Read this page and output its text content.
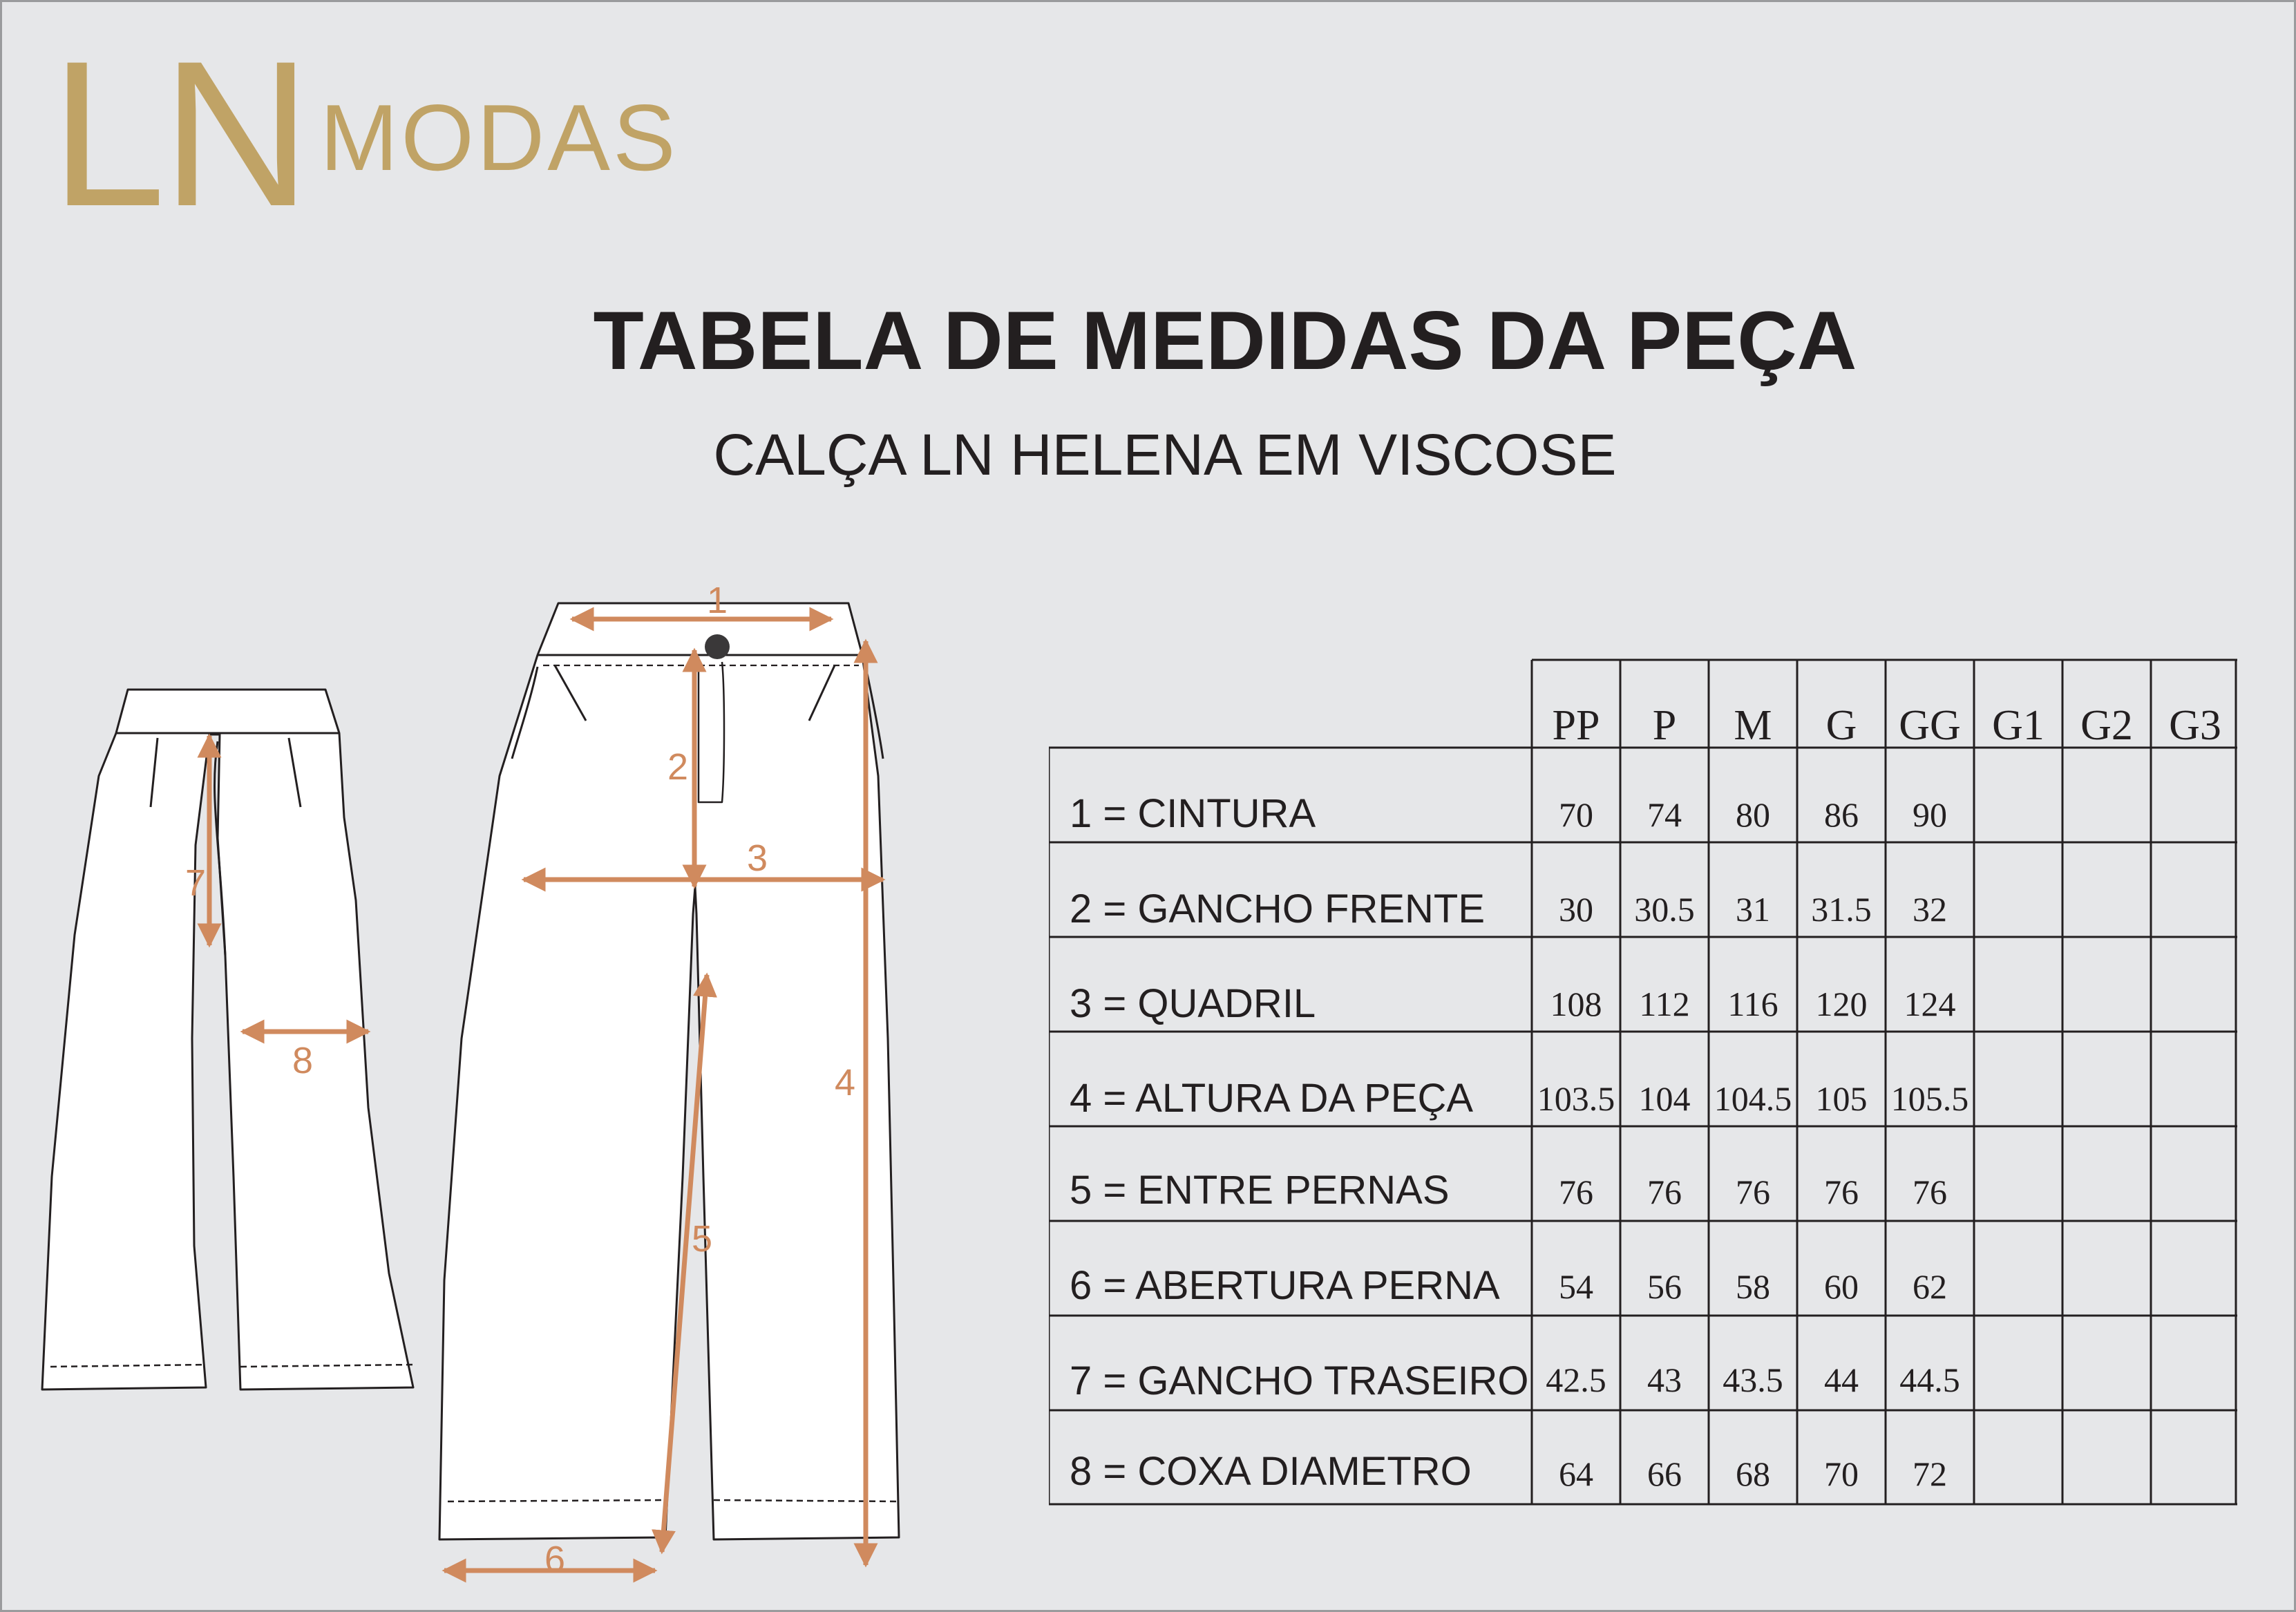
LN MODAS
TABELA DE MEDIDAS DA PEÇA
CALÇA LN HELENA EM VISCOSE
7
8
1
2
3
4
5
6
PP	P	M	G GG G1 G2 G3
1 = CINTURA	70	74	80	86	90
2 = GANCHO FRENTE	30	30.5	31	31.5	32
3 = QUADRIL	108	112	116	120	124
4 = ALTURA DA PEÇA 103.5 104 104.5 105 105.5
5 = ENTRE PERNAS	76	76	76	76	76
6 = ABERTURA PERNA	54	56	58	60	62
7 = GANCHO TRASEIRO 42.5	43	43.5	44	44.5
8 = COXA DIAMETRO	64	66	68	70	72
